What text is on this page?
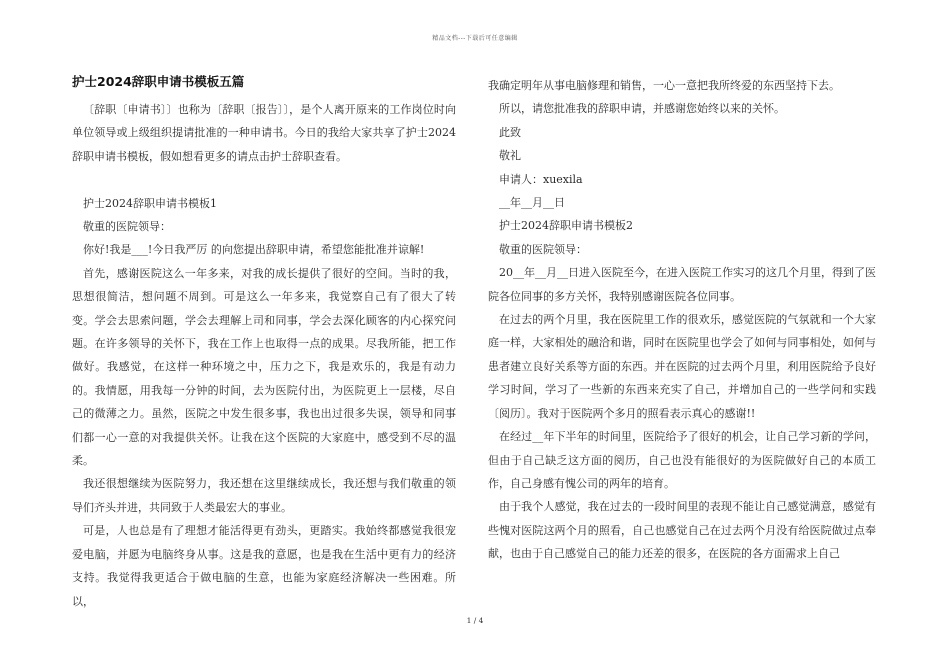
精品文档---下载后可任意编辑
护士2024辞职申请书模板五篇

〔辞职〔申请书〕〕也称为〔辞职〔报告〕〕，是个人离开原来的工作岗位时向单位领导或上级组织提请批准的一种申请书。今日的我给大家共享了护士2024辞职申请书模板，假如想看更多的请点击护士辞职查看。

护士2024辞职申请书模板1

敬重的医院领导：

你好!我是___!今日我严厉 的向您提出辞职申请，希望您能批准并谅解!

首先，感谢医院这么一年多来，对我的成长提供了很好的空间。当时的我，思想很简洁，想问题不周到。可是这么一年多来，我觉察自己有了很大了转变。学会去思索问题，学会去理解上司和同事，学会去深化顾客的内心探究问题。在许多领导的关怀下，我在工作上也取得一点的成果。尽我所能，把工作做好。我感觉，在这样一种环境之中，压力之下，我是欢乐的，我是有动力的。我情愿，用我每一分钟的时间，去为医院付出，为医院更上一层楼，尽自己的微薄之力。虽然，医院之中发生很多事，我也出过很多失误，领导和同事们都一心一意的对我提供关怀。让我在这个医院的大家庭中，感受到不尽的温柔。

我还很想继续为医院努力，我还想在这里继续成长，我还想与我们敬重的领导们齐头并进，共同致于人类最宏大的事业。

可是，人也总是有了理想才能活得更有劲头，更踏实。我始终都感觉我很宠爱电脑，并愿为电脑终身从事。这是我的意愿，也是我在生活中更有力的经济支持。我觉得我更适合于做电脑的生意，也能为家庭经济解决一些困难。所以，

我确定明年从事电脑修理和销售，一心一意把我所终爱的东西坚持下去。

所以，请您批准我的辞职申请，并感谢您始终以来的关怀。

此致

敬礼

申请人：xuexila

__年__月__日

护士2024辞职申请书模板2

敬重的医院领导：

20__年__月__日进入医院至今，在进入医院工作实习的这几个月里，得到了医院各位同事的多方关怀，我特别感谢医院各位同事。

在过去的两个月里，我在医院里工作的很欢乐，感觉医院的气氛就和一个大家庭一样，大家相处的融洽和谐，同时在医院里也学会了如何与同事相处，如何与患者建立良好关系等方面的东西。并在医院的过去两个月里，利用医院给予良好学习时间，学习了一些新的东西来充实了自己，并增加自己的一些学问和实践〔阅历〕。我对于医院两个多月的照看表示真心的感谢!!

在经过__年下半年的时间里，医院给予了很好的机会，让自己学习新的学问，但由于自己缺乏这方面的阅历，自己也没有能很好的为医院做好自己的本质工作，自己身感有愧公司的两年的培育。

由于我个人感觉，我在过去的一段时间里的表现不能让自己感觉满意，感觉有些愧对医院这两个月的照看，自己也感觉自己在过去两个月没有给医院做过点奉献，也由于自己感觉自己的能力还差的很多，在医院的各方面需求上自己

1 / 4
